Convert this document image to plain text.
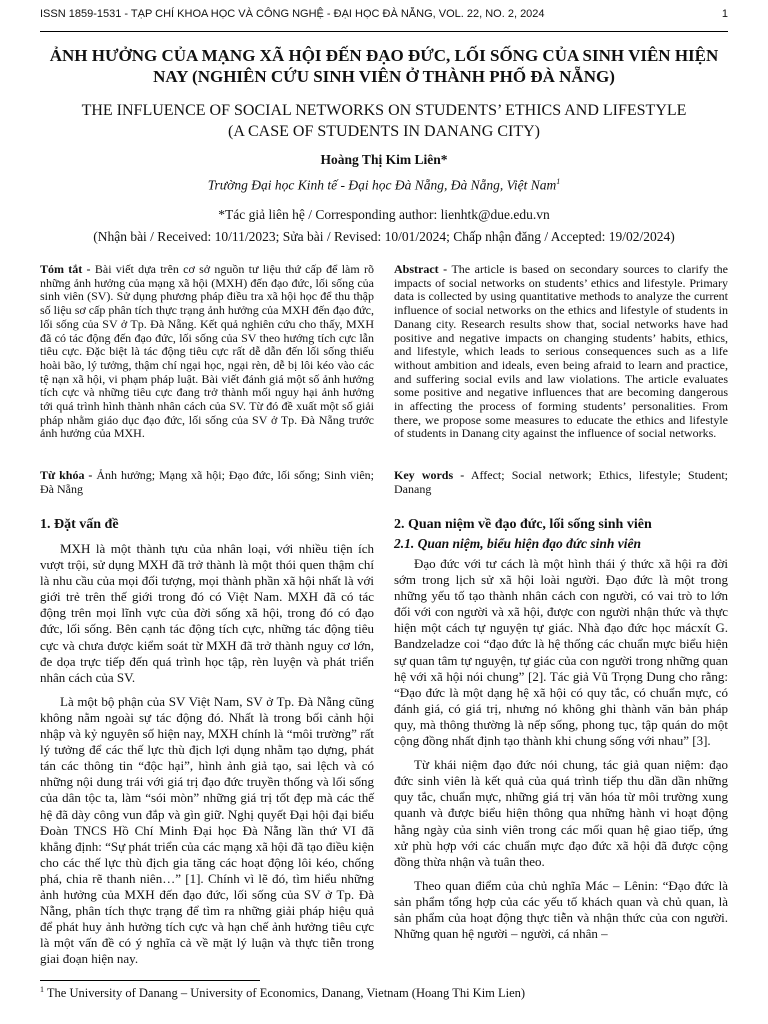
ISSN 1859-1531 - TẠP CHÍ KHOA HỌC VÀ CÔNG NGHỆ - ĐẠI HỌC ĐÀ NẴNG, VOL. 22, NO. 2, 2024	1
ẢNH HƯỞNG CỦA MẠNG XÃ HỘI ĐẾN ĐẠO ĐỨC, LỐI SỐNG CỦA SINH VIÊN HIỆN NAY (NGHIÊN CỨU SINH VIÊN Ở THÀNH PHỐ ĐÀ NẴNG)
THE INFLUENCE OF SOCIAL NETWORKS ON STUDENTS’ ETHICS AND LIFESTYLE
(A CASE OF STUDENTS IN DANANG CITY)
Hoàng Thị Kim Liên*
Trường Đại học Kinh tế - Đại học Đà Nẵng, Đà Nẵng, Việt Nam$^1$
*Tác giả liên hệ / Corresponding author: lienhtk@due.edu.vn
(Nhận bài / Received: 10/11/2023; Sửa bài / Revised: 10/01/2024; Chấp nhận đăng / Accepted: 19/02/2024)
Tóm tắt - Bài viết dựa trên cơ sở nguồn tư liệu thứ cấp để làm rõ những ảnh hưởng của mạng xã hội (MXH) đến đạo đức, lối sống của sinh viên (SV). Sử dụng phương pháp điều tra xã hội học để thu thập số liệu sơ cấp phân tích thực trạng ảnh hưởng của MXH đến đạo đức, lối sống của SV ở Tp. Đà Nẵng. Kết quả nghiên cứu cho thấy, MXH đã có tác động đến đạo đức, lối sống của SV theo hướng tích cực lẫn tiêu cực. Đặc biệt là tác động tiêu cực rất dễ dẫn đến lối sống thiếu hoài bão, lý tưởng, thậm chí ngại học, ngại rèn, dễ bị lôi kéo vào các tệ nạn xã hội, vi phạm pháp luật. Bài viết đánh giá một số ảnh hưởng tích cực và những tiêu cực đang trở thành mối nguy hại ảnh hưởng tới quá trình hình thành nhân cách của SV. Từ đó đề xuất một số giải pháp nhằm giáo dục đạo đức, lối sống của SV ở Tp. Đà Nẵng trước ảnh hưởng của MXH.
Abstract - The article is based on secondary sources to clarify the impacts of social networks on students’ ethics and lifestyle. Primary data is collected by using quantitative methods to analyze the current influence of social networks on the ethics and lifestyle of students in Danang city. Research results show that, social networks have had positive and negative impacts on changing students’ habits, ethics, and lifestyle, which leads to serious consequences such as a life without ambition and ideals, even being afraid to learn and practice, and suffering social evils and law violations. The article evaluates some positive and negative influences that are becoming dangerous in affecting the process of forming students’ personalities. From there, we propose some measures to educate the ethics and lifestyle of students in Danang city against the influence of social networks.
Từ khóa - Ảnh hưởng; Mạng xã hội; Đạo đức, lối sống; Sinh viên; Đà Nẵng
Key words - Affect; Social network; Ethics, lifestyle; Student; Danang
1. Đặt vấn đề

MXH là một thành tựu của nhân loại, với nhiều tiện ích vượt trội, sử dụng MXH đã trở thành là một thói quen thậm chí là nhu cầu của mọi đối tượng, mọi thành phần xã hội nhất là với giới trẻ trên thế giới trong đó có Việt Nam. MXH đã có tác động trên mọi lĩnh vực của đời sống xã hội, trong đó có đạo đức, lối sống. Bên cạnh tác động tích cực, những tác động tiêu cực và chưa được kiểm soát từ MXH đã trở thành nguy cơ lớn, đe dọa trực tiếp đến quá trình học tập, rèn luyện và phát triển nhân cách của SV.

Là một bộ phận của SV Việt Nam, SV ở Tp. Đà Nẵng cũng không nằm ngoài sự tác động đó. Nhất là trong bối cảnh hội nhập và kỷ nguyên số hiện nay, MXH chính là “môi trường” rất lý tưởng để các thế lực thù địch lợi dụng nhằm tạo dựng, phát tán các thông tin “độc hại”, hình ảnh giả tạo, sai lệch và có những nội dung trái với giá trị đạo đức truyền thống và lối sống của dân tộc ta, làm “sói mòn” những giá trị tốt đẹp mà các thế hệ đã dày công vun đắp và gìn giữ. Nghị quyết Đại hội đại biểu Đoàn TNCS Hồ Chí Minh Đại học Đà Nẵng lần thứ VI đã khẳng định: “Sự phát triển của các mạng xã hội đã tạo điều kiện cho các thế lực thù địch gia tăng các hoạt động lôi kéo, chống phá, chia rẽ thanh niên…” [1]. Chính vì lẽ đó, tìm hiểu những ảnh hưởng của MXH đến đạo đức, lối sống của SV ở Tp. Đà Nẵng, phân tích thực trạng để tìm ra những giải pháp hiệu quả để phát huy ảnh hưởng tích cực và hạn chế ảnh hưởng tiêu cực là một vấn đề có ý nghĩa cả về mặt lý luận và thực tiễn trong giai đoạn hiện nay.

2. Quan niệm về đạo đức, lối sống sinh viên
2.1. Quan niệm, biểu hiện đạo đức sinh viên

Đạo đức với tư cách là một hình thái ý thức xã hội ra đời sớm trong lịch sử xã hội loài người. Đạo đức là một trong những yếu tố tạo thành nhân cách con người, có vai trò to lớn đối với con người và xã hội, được con người nhận thức và thực hiện một cách tự nguyện tự giác. Nhà đạo đức học mácxít G. Bandzeladze coi “đạo đức là hệ thống các chuẩn mực biểu hiện sự quan tâm tự nguyện, tự giác của con người trong những quan hệ với xã hội nói chung” [2]. Tác giả Vũ Trọng Dung cho rằng: “Đạo đức là một dạng hệ xã hội có quy tắc, có chuẩn mực, có đánh giá, có giá trị, nhưng nó không ghi thành văn bản pháp quy, mà thông thường là nếp sống, phong tục, tập quán do một cộng đồng nhất định tạo thành khi chung sống với nhau” [3].

Từ khái niệm đạo đức nói chung, tác giả quan niệm: đạo đức sinh viên là kết quả của quá trình tiếp thu dần dần những quy tắc, chuẩn mực, những giá trị văn hóa từ môi trường xung quanh và được biểu hiện thông qua những hành vi hoạt động hằng ngày của sinh viên trong các mối quan hệ giao tiếp, ứng xử phù hợp với các chuẩn mực đạo đức xã hội đã được cộng đồng thừa nhận và tuân theo.

Theo quan điểm của chủ nghĩa Mác – Lênin: “Đạo đức là sản phẩm tổng hợp của các yếu tố khách quan và chủ quan, là sản phẩm của hoạt động thực tiễn và nhận thức của con người. Những quan hệ người – người, cá nhân –

$^1$ The University of Danang – University of Economics, Danang, Vietnam (Hoang Thi Kim Lien)
